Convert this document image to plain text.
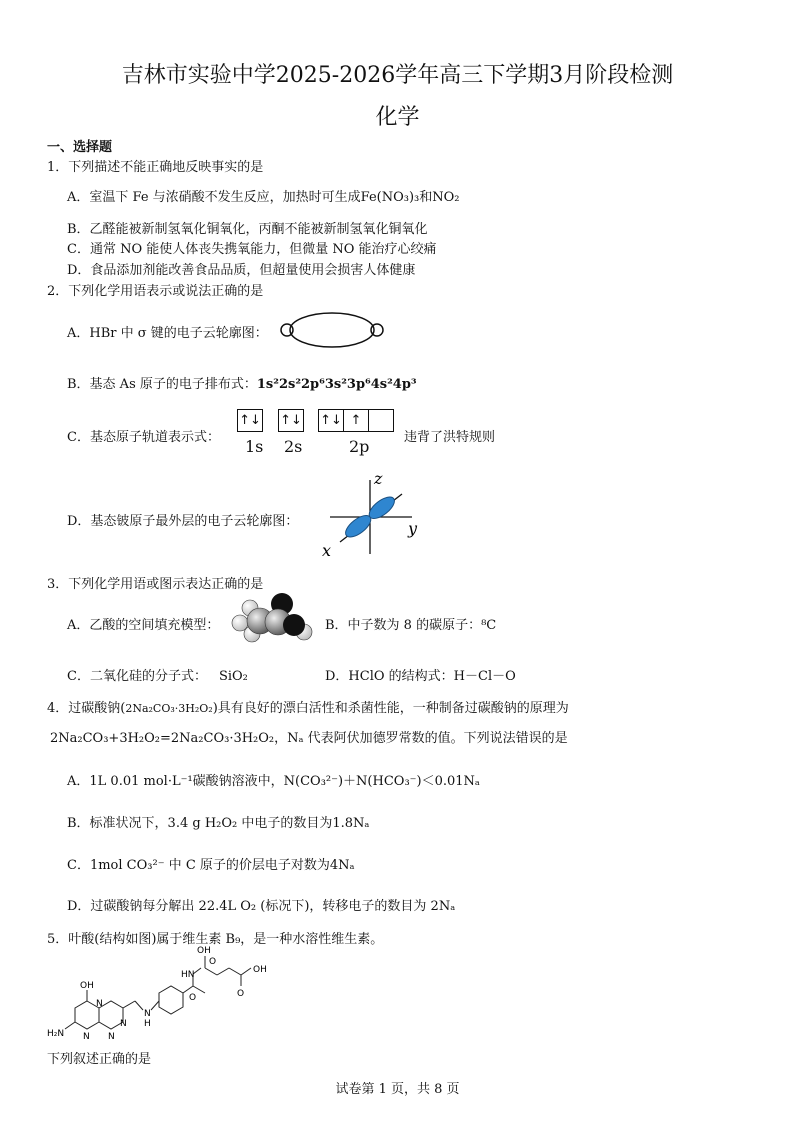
吉林市实验中学2025-2026学年高三下学期3月阶段检测
化学
一、选择题
1．下列描述不能正确地反映事实的是
A．室温下 Fe 与浓硝酸不发生反应，加热时可生成Fe(NO₃)₃和NO₂
B．乙醛能被新制氢氧化铜氧化，丙酮不能被新制氢氧化铜氧化
C．通常 NO 能使人体丧失携氧能力，但微量 NO 能治疗心绞痛
D．食品添加剂能改善食品品质，但超量使用会损害人体健康
2．下列化学用语表示或说法正确的是
A．HBr 中 σ 键的电子云轮廓图：
B．基态 As 原子的电子排布式：1s²2s²2p⁶3s²3p⁶4s²4p³
C．基态原子轨道表示式：
↑↓ ↑↓ ↑↓ ↑
1s 2s	2p	违背了洪特规则
D．基态铍原子最外层的电子云轮廓图：
z
y
x
3．下列化学用语或图示表达正确的是
A．乙酸的空间填充模型：	B．中子数为 8 的碳原子：⁸C
C．二氧化硅的分子式： SiO₂	D．HClO 的结构式：H－Cl－O
4．过碳酸钠(2Na₂CO₃·3H₂O₂)具有良好的漂白活性和杀菌性能，一种制备过碳酸钠的原理为
2Na₂CO₃+3H₂O₂=2Na₂CO₃·3H₂O₂，Nₐ 代表阿伏加德罗常数的值。下列说法错误的是
A．1L 0.01 mol·L⁻¹碳酸钠溶液中，N(CO₃²⁻)＋N(HCO₃⁻)＜0.01Nₐ
B．标准状况下，3.4 g H₂O₂ 中电子的数目为1.8Nₐ
C．1mol CO₃²⁻ 中 C 原子的价层电子对数为4Nₐ
D．过碳酸钠每分解出 22.4L O₂ (标况下)，转移电子的数目为 2Nₐ
5．叶酸(结构如图)属于维生素 B₉，是一种水溶性维生素。
OH
O
OH
O
HN
O
OH
N
H
N
N
H₂N
N
N
下列叙述正确的是
试卷第 1 页，共 8 页
